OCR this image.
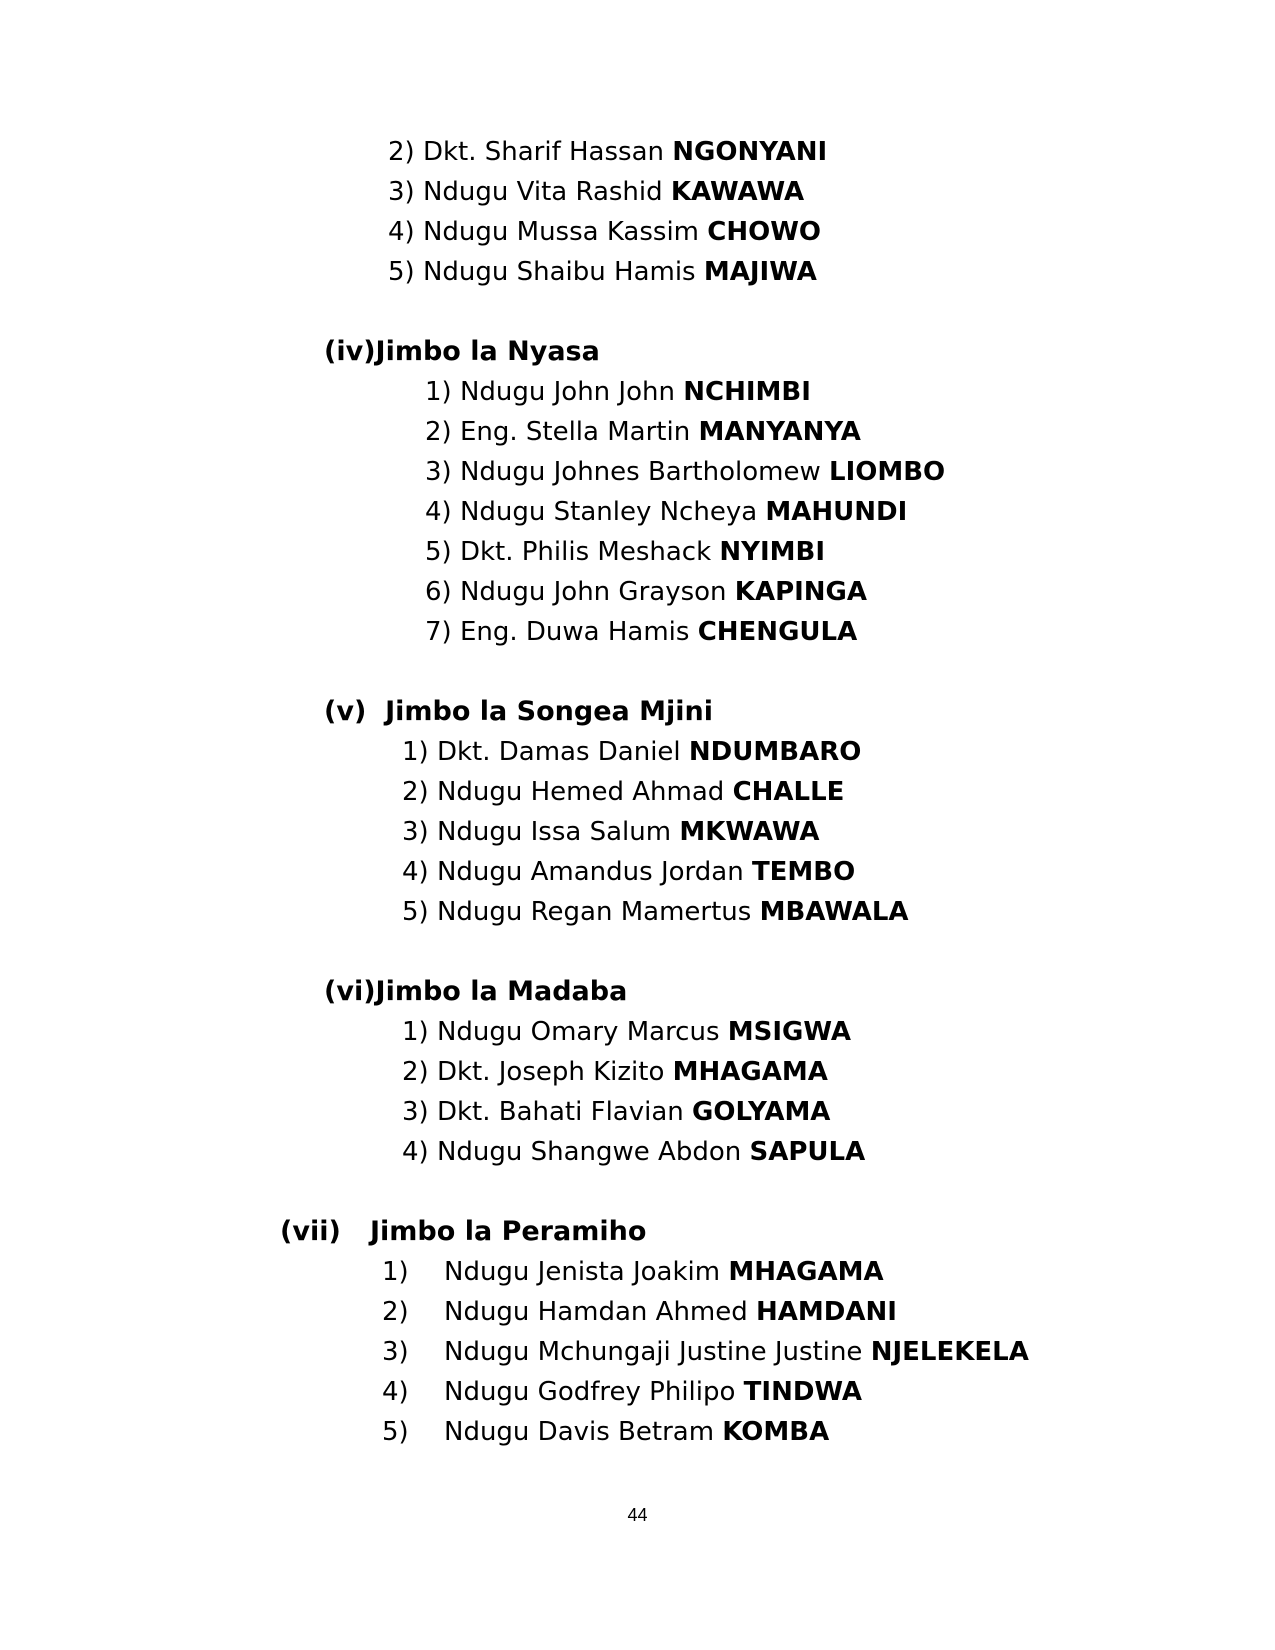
2) Dkt. Sharif Hassan NGONYANI
3) Ndugu Vita Rashid KAWAWA
4) Ndugu Mussa Kassim CHOWO
5) Ndugu Shaibu Hamis MAJIWA
(iv)Jimbo la Nyasa
1) Ndugu John John NCHIMBI
2) Eng. Stella Martin MANYANYA
3) Ndugu Johnes Bartholomew LIOMBO
4) Ndugu Stanley Ncheya MAHUNDI
5) Dkt. Philis Meshack NYIMBI
6) Ndugu John Grayson KAPINGA
7) Eng. Duwa Hamis CHENGULA
(v) Jimbo la Songea Mjini
1) Dkt. Damas Daniel NDUMBARO
2) Ndugu Hemed Ahmad CHALLE
3) Ndugu Issa Salum MKWAWA
4) Ndugu Amandus Jordan TEMBO
5) Ndugu Regan Mamertus MBAWALA
(vi)Jimbo la Madaba
1) Ndugu Omary Marcus MSIGWA
2) Dkt. Joseph Kizito MHAGAMA
3) Dkt. Bahati Flavian GOLYAMA
4) Ndugu Shangwe Abdon SAPULA
(vii) Jimbo la Peramiho
1) Ndugu Jenista Joakim MHAGAMA
2) Ndugu Hamdan Ahmed HAMDANI
3) Ndugu Mchungaji Justine Justine NJELEKELA
4) Ndugu Godfrey Philipo TINDWA
5) Ndugu Davis Betram KOMBA
44
